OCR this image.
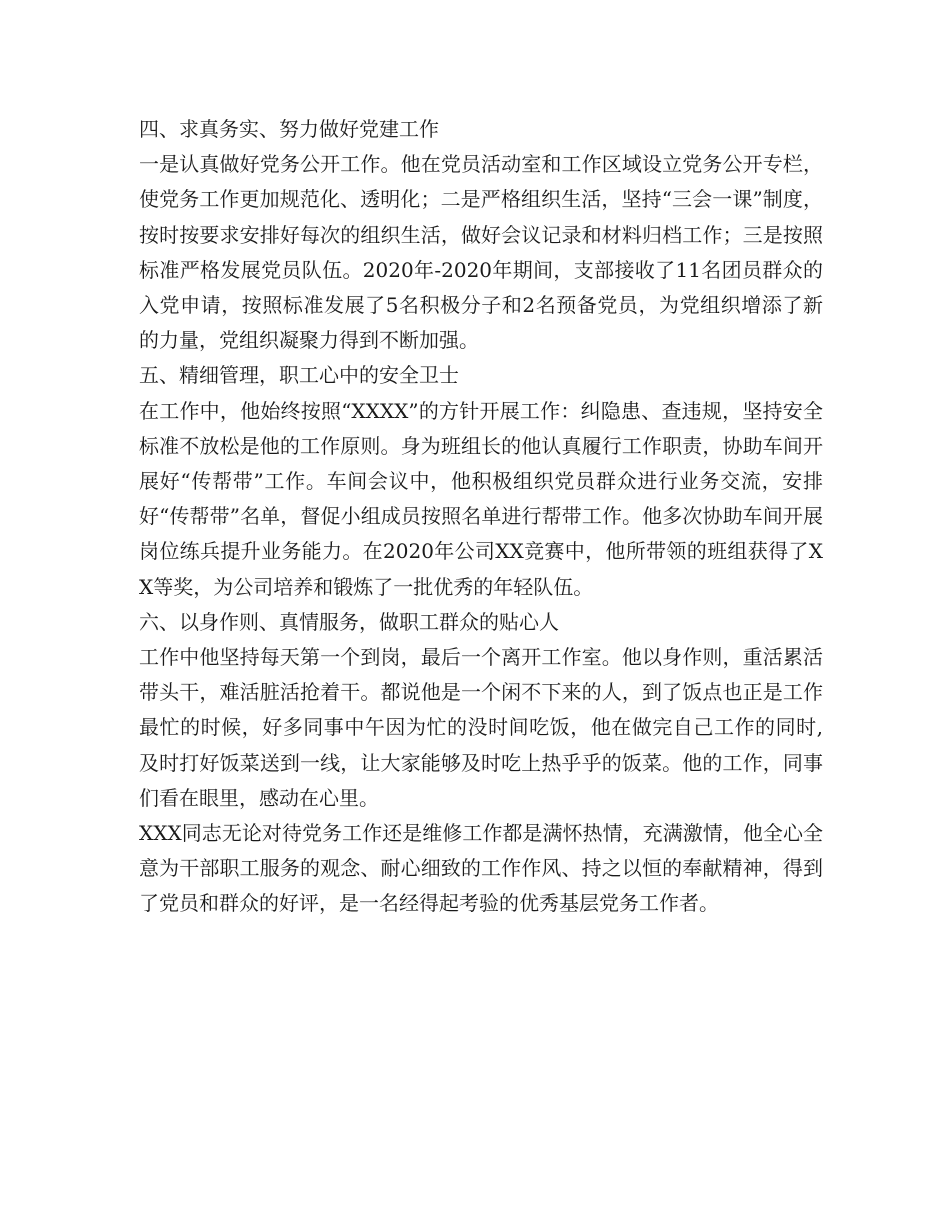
四、求真务实、努力做好党建工作

一是认真做好党务公开工作。他在党员活动室和工作区域设立党务公开专栏，使党务工作更加规范化、透明化；二是严格组织生活，坚持“三会一课”制度，按时按要求安排好每次的组织生活，做好会议记录和材料归档工作；三是按照标准严格发展党员队伍。2020年-2020年期间，支部接收了11名团员群众的入党申请，按照标准发展了5名积极分子和2名预备党员，为党组织增添了新的力量，党组织凝聚力得到不断加强。

五、精细管理，职工心中的安全卫士

在工作中，他始终按照“XXXX”的方针开展工作：纠隐患、查违规，坚持安全标准不放松是他的工作原则。身为班组长的他认真履行工作职责，协助车间开展好“传帮带”工作。车间会议中，他积极组织党员群众进行业务交流，安排好“传帮带”名单，督促小组成员按照名单进行帮带工作。他多次协助车间开展岗位练兵提升业务能力。在2020年公司XX竞赛中，他所带领的班组获得了XX等奖，为公司培养和锻炼了一批优秀的年轻队伍。

六、以身作则、真情服务，做职工群众的贴心人

工作中他坚持每天第一个到岗，最后一个离开工作室。他以身作则，重活累活带头干，难活脏活抢着干。都说他是一个闲不下来的人，到了饭点也正是工作最忙的时候，好多同事中午因为忙的没时间吃饭，他在做完自己工作的同时,及时打好饭菜送到一线，让大家能够及时吃上热乎乎的饭菜。他的工作，同事们看在眼里，感动在心里。

XXX同志无论对待党务工作还是维修工作都是满怀热情，充满激情，他全心全意为干部职工服务的观念、耐心细致的工作作风、持之以恒的奉献精神，得到了党员和群众的好评，是一名经得起考验的优秀基层党务工作者。
